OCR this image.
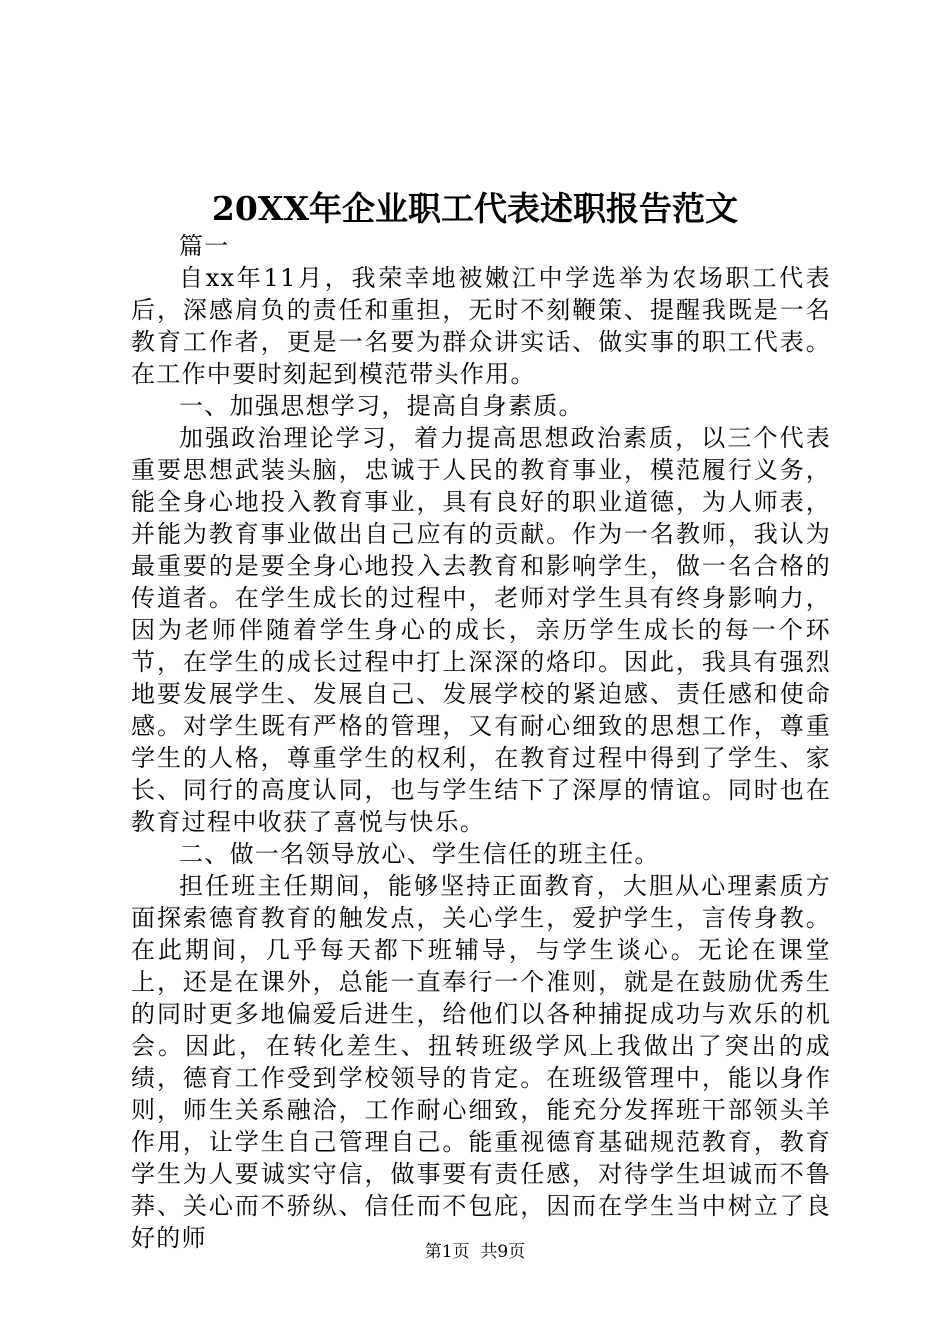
20XX年企业职工代表述职报告范文

篇一

自xx年11月，我荣幸地被嫩江中学选举为农场职工代表后，深感肩负的责任和重担，无时不刻鞭策、提醒我既是一名教育工作者，更是一名要为群众讲实话、做实事的职工代表。在工作中要时刻起到模范带头作用。

一、加强思想学习，提高自身素质。

加强政治理论学习，着力提高思想政治素质，以三个代表重要思想武装头脑，忠诚于人民的教育事业，模范履行义务，能全身心地投入教育事业，具有良好的职业道德，为人师表，并能为教育事业做出自己应有的贡献。作为一名教师，我认为最重要的是要全身心地投入去教育和影响学生，做一名合格的传道者。在学生成长的过程中，老师对学生具有终身影响力，因为老师伴随着学生身心的成长，亲历学生成长的每一个环节，在学生的成长过程中打上深深的烙印。因此，我具有强烈地要发展学生、发展自己、发展学校的紧迫感、责任感和使命感。对学生既有严格的管理，又有耐心细致的思想工作，尊重学生的人格，尊重学生的权利，在教育过程中得到了学生、家长、同行的高度认同，也与学生结下了深厚的情谊。同时也在教育过程中收获了喜悦与快乐。

二、做一名领导放心、学生信任的班主任。

担任班主任期间，能够坚持正面教育，大胆从心理素质方面探索德育教育的触发点，关心学生，爱护学生，言传身教。在此期间，几乎每天都下班辅导，与学生谈心。无论在课堂上，还是在课外，总能一直奉行一个准则，就是在鼓励优秀生的同时更多地偏爱后进生，给他们以各种捕捉成功与欢乐的机会。因此，在转化差生、扭转班级学风上我做出了突出的成绩，德育工作受到学校领导的肯定。在班级管理中，能以身作则，师生关系融洽，工作耐心细致，能充分发挥班干部领头羊作用，让学生自己管理自己。能重视德育基础规范教育，教育学生为人要诚实守信，做事要有责任感，对待学生坦诚而不鲁莽、关心而不骄纵、信任而不包庇，因而在学生当中树立了良好的师	第1页 共9页
